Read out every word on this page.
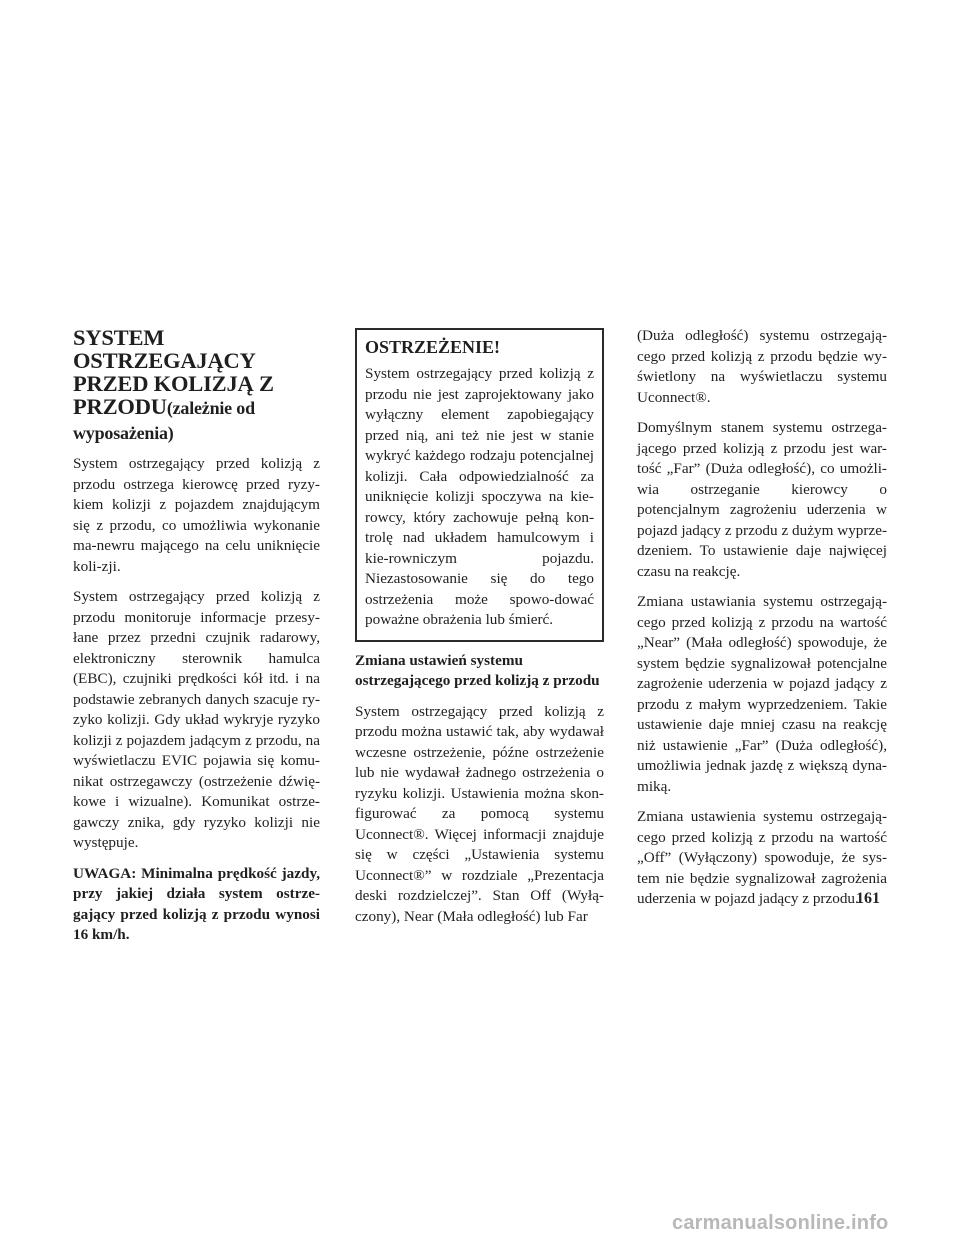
SYSTEM OSTRZEGAJĄCY PRZED KOLIZJĄ Z PRZODU(zależnie od wyposażenia)

System ostrzegający przed kolizją z przodu ostrzega kierowcę przed ryzy-kiem kolizji z pojazdem znajdującym się z przodu, co umożliwia wykonanie ma-newru mającego na celu uniknięcie koli-zji.

System ostrzegający przed kolizją z przodu monitoruje informacje przesy-łane przez przedni czujnik radarowy, elektroniczny sterownik hamulca (EBC), czujniki prędkości kół itd. i na podstawie zebranych danych szacuje ry-zyko kolizji. Gdy układ wykryje ryzyko kolizji z pojazdem jadącym z przodu, na wyświetlaczu EVIC pojawia się komu-nikat ostrzegawczy (ostrzeżenie dźwię-kowe i wizualne). Komunikat ostrze-gawczy znika, gdy ryzyko kolizji nie występuje.

UWAGA: Minimalna prędkość jazdy, przy jakiej działa system ostrze-gający przed kolizją z przodu wynosi 16 km/h.

OSTRZEŻENIE!

System ostrzegający przed kolizją z przodu nie jest zaprojektowany jako wyłączny element zapobiegający przed nią, ani też nie jest w stanie wykryć każdego rodzaju potencjalnej kolizji. Cała odpowiedzialność za uniknięcie kolizji spoczywa na kie-rowcy, który zachowuje pełną kon-trolę nad układem hamulcowym i kie-rowniczym pojazdu. Niezastosowanie się do tego ostrzeżenia może spowo-dować poważne obrażenia lub śmierć.

Zmiana ustawień systemu ostrzegającego przed kolizją z przodu

System ostrzegający przed kolizją z przodu można ustawić tak, aby wydawał wczesne ostrzeżenie, późne ostrzeżenie lub nie wydawał żadnego ostrzeżenia o ryzyku kolizji. Ustawienia można skon-figurować za pomocą systemu Uconnect®. Więcej informacji znajduje się w części „Ustawienia systemu Uconnect®” w rozdziale „Prezentacja deski rozdzielczej”. Stan Off (Wyłą-czony), Near (Mała odległość) lub Far

(Duża odległość) systemu ostrzegają-cego przed kolizją z przodu będzie wy-świetlony na wyświetlaczu systemu Uconnect®.

Domyślnym stanem systemu ostrzega-jącego przed kolizją z przodu jest war-tość „Far” (Duża odległość), co umożli-wia ostrzeganie kierowcy o potencjalnym zagrożeniu uderzenia w pojazd jadący z przodu z dużym wyprze-dzeniem. To ustawienie daje najwięcej czasu na reakcję.

Zmiana ustawiania systemu ostrzegają-cego przed kolizją z przodu na wartość „Near” (Mała odległość) spowoduje, że system będzie sygnalizował potencjalne zagrożenie uderzenia w pojazd jadący z przodu z małym wyprzedzeniem. Takie ustawienie daje mniej czasu na reakcję niż ustawienie „Far” (Duża odległość), umożliwia jednak jazdę z większą dyna-miką.

Zmiana ustawienia systemu ostrzegają-cego przed kolizją z przodu na wartość „Off” (Wyłączony) spowoduje, że sys-tem nie będzie sygnalizował zagrożenia uderzenia w pojazd jadący z przodu.

161
carmanualsonline.info
